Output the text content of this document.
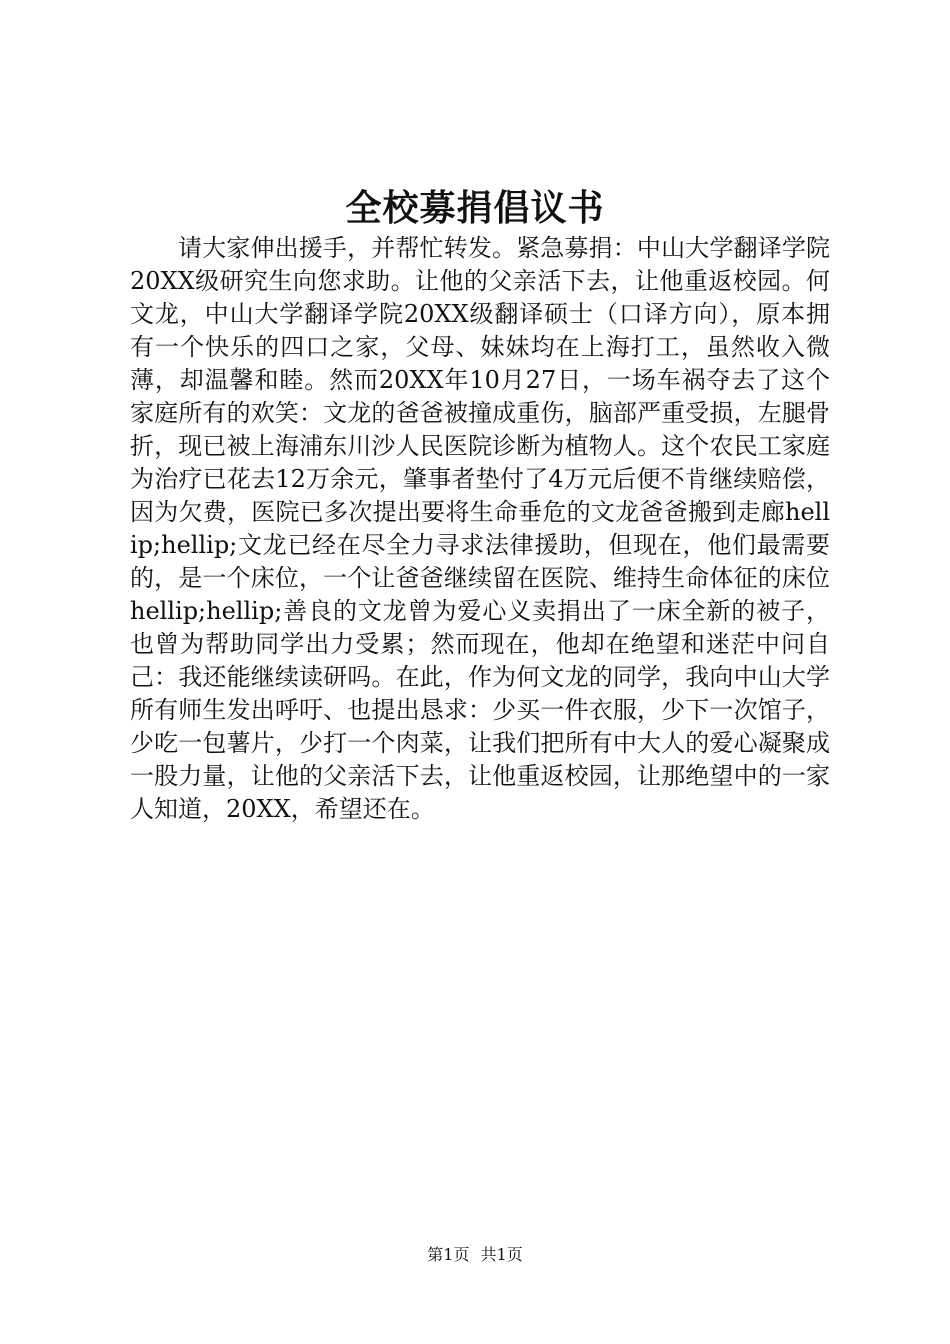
全校募捐倡议书

请大家伸出援手，并帮忙转发。紧急募捐：中山大学翻译学院20XX级研究生向您求助。让他的父亲活下去，让他重返校园。何文龙，中山大学翻译学院20XX级翻译硕士（口译方向），原本拥有一个快乐的四口之家，父母、妹妹均在上海打工，虽然收入微薄，却温馨和睦。然而20XX年10月27日，一场车祸夺去了这个家庭所有的欢笑：文龙的爸爸被撞成重伤，脑部严重受损，左腿骨折，现已被上海浦东川沙人民医院诊断为植物人。这个农民工家庭为治疗已花去12万余元，肇事者垫付了4万元后便不肯继续赔偿，因为欠费，医院已多次提出要将生命垂危的文龙爸爸搬到走廊hellip;hellip;文龙已经在尽全力寻求法律援助，但现在，他们最需要的，是一个床位，一个让爸爸继续留在医院、维持生命体征的床位hellip;hellip;善良的文龙曾为爱心义卖捐出了一床全新的被子，也曾为帮助同学出力受累；然而现在，他却在绝望和迷茫中问自己：我还能继续读研吗。在此，作为何文龙的同学，我向中山大学所有师生发出呼吁、也提出恳求：少买一件衣服，少下一次馆子，少吃一包薯片，少打一个肉菜，让我们把所有中大人的爱心凝聚成一股力量，让他的父亲活下去，让他重返校园，让那绝望中的一家人知道，20XX，希望还在。

第1页 共1页
